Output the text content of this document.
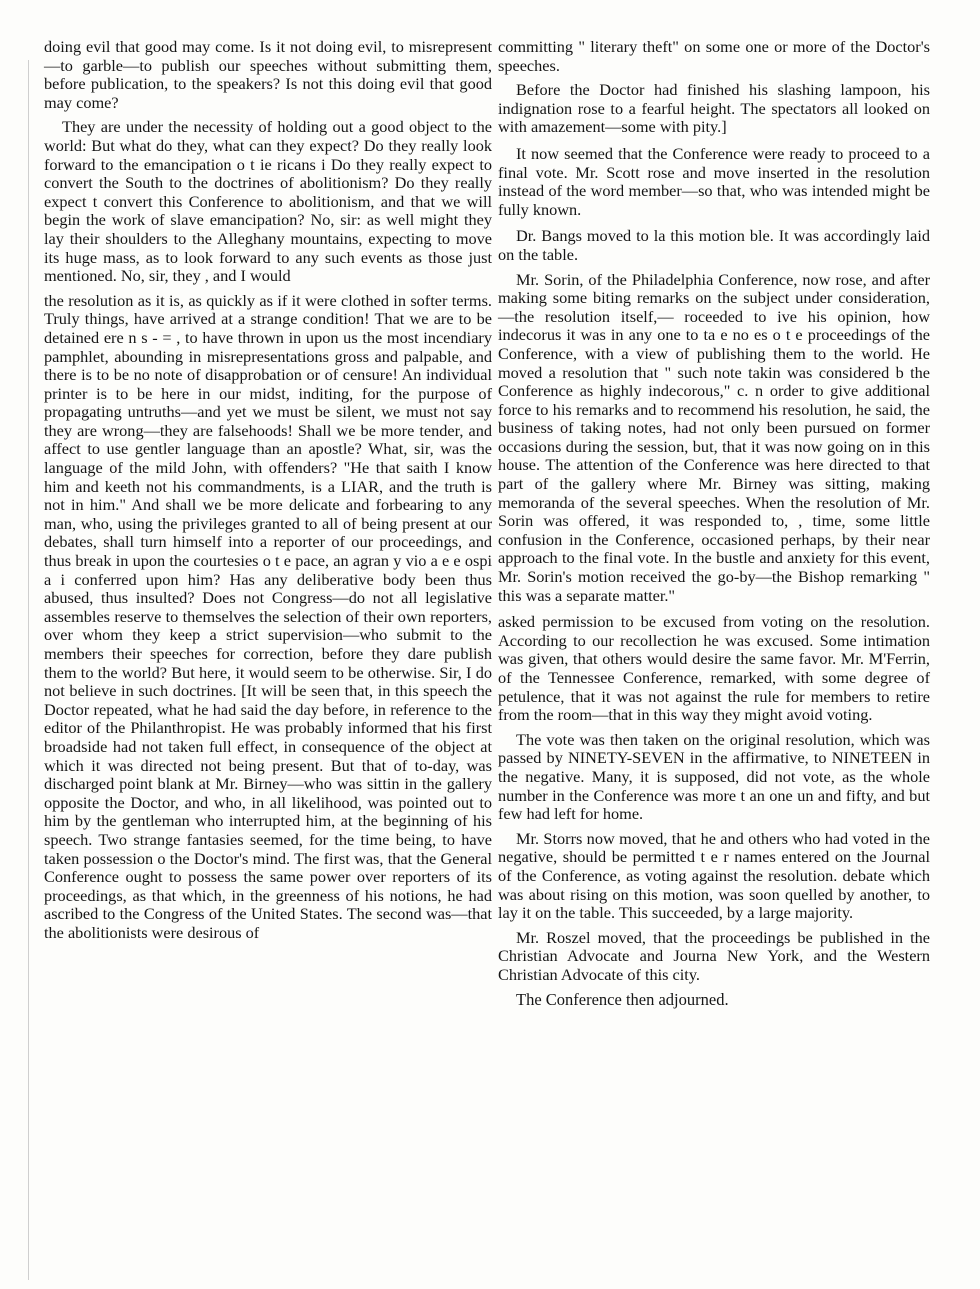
doing evil that good may come. Is it not doing evil, to misrepresent—to garble—to publish our speeches without submitting them, before publication, to the speakers? Is not this doing evil that good may come?

They are under the necessity of holding out a good object to the world: But what do they, what can they expect? Do they really look forward to the emancipation o t ie ricans i Do they really expect to convert the South to the doctrines of abolitionism? Do they really expect t convert this Conference to abolitionism, and that we will begin the work of slave emancipation? No, sir: as well might they lay their shoulders to the Alleghany mountains, expecting to move its huge mass, as to look forward to any such events as those just mentioned. No, sir, they , and I would

the resolution as it is, as quickly as if it were clothed in softer terms. Truly things, have arrived at a strange condition! That we are to be detained ere n s - = , to have thrown in upon us the most incendiary pamphlet, abounding in misrepresentations gross and palpable, and there is to be no note of disapprobation or of censure! An individual printer is to be here in our midst, inditing, for the purpose of propagating untruths—and yet we must be silent, we must not say they are wrong—they are falsehoods! Shall we be more tender, and affect to use gentler language than an apostle? What, sir, was the language of the mild John, with offenders? "He that saith I know him and keeth not his commandments, is a LIAR, and the truth is not in him." And shall we be more delicate and forbearing to any man, who, using the privileges granted to all of being present at our debates, shall turn himself into a reporter of our proceedings, and thus break in upon the courtesies o t e pace, an agran y vio a e e ospi a i conferred upon him? Has any deliberative body been thus abused, thus insulted? Does not Congress—do not all legislative assembles reserve to themselves the selection of their own reporters, over whom they keep a strict supervision—who submit to the members their speeches for correction, before they dare publish them to the world? But here, it would seem to be otherwise. Sir, I do not believe in such doctrines. [It will be seen that, in this speech the Doctor repeated, what he had said the day before, in reference to the editor of the Philanthropist. He was probably informed that his first broadside had not taken full effect, in consequence of the object at which it was directed not being present. But that of to-day, was discharged point blank at Mr. Birney—who was sittin in the gallery opposite the Doctor, and who, in all likelihood, was pointed out to him by the gentleman who interrupted him, at the beginning of his speech. Two strange fantasies seemed, for the time being, to have taken possession o the Doctor's mind. The first was, that the General Conference ought to possess the same power over reporters of its proceedings, as that which, in the greenness of his notions, he had ascribed to the Congress of the United States. The second was—that the abolitionists were desirous of

committing " literary theft" on some one or more of the Doctor's speeches.

Before the Doctor had finished his slashing lampoon, his indignation rose to a fearful height. The spectators all looked on with amazement—some with pity.]

It now seemed that the Conference were ready to proceed to a final vote. Mr. Scott rose and move inserted in the resolution instead of the word member—so that, who was intended might be fully known.

Dr. Bangs moved to la this motion ble. It was accordingly laid on the table.

Mr. Sorin, of the Philadelphia Conference, now rose, and after making some biting remarks on the subject under consideration,—the resolution itself,— roceeded to ive his opinion, how indecorus it was in any one to ta e no es o t e proceedings of the Conference, with a view of publishing them to the world. He moved a resolution that " such note takin was considered b the Conference as highly indecorous," c. n order to give additional force to his remarks and to recommend his resolution, he said, the business of taking notes, had not only been pursued on former occasions during the session, but, that it was now going on in this house. The attention of the Conference was here directed to that part of the gallery where Mr. Birney was sitting, making memoranda of the several speeches. When the resolution of Mr. Sorin was offered, it was responded to, , time, some little confusion in the Conference, occasioned perhaps, by their near approach to the final vote. In the bustle and anxiety for this event, Mr. Sorin's motion received the go-by—the Bishop remarking " this was a separate matter."

asked permission to be excused from voting on the resolution. According to our recollection he was excused. Some intimation was given, that others would desire the same favor. Mr. M'Ferrin, of the Tennessee Conference, remarked, with some degree of petulence, that it was not against the rule for members to retire from the room—that in this way they might avoid voting.

The vote was then taken on the original resolution, which was passed by NINETY-SEVEN in the affirmative, to NINETEEN in the negative. Many, it is supposed, did not vote, as the whole number in the Conference was more t an one un and fifty, and but few had left for home.

Mr. Storrs now moved, that he and others who had voted in the negative, should be permitted t e r names entered on the Journal of the Conference, as voting against the resolution. debate which was about rising on this motion, was soon quelled by another, to lay it on the table. This succeeded, by a large majority.

Mr. Roszel moved, that the proceedings be published in the Christian Advocate and Journa New York, and the Western Christian Advocate of this city.

The Conference then adjourned.
